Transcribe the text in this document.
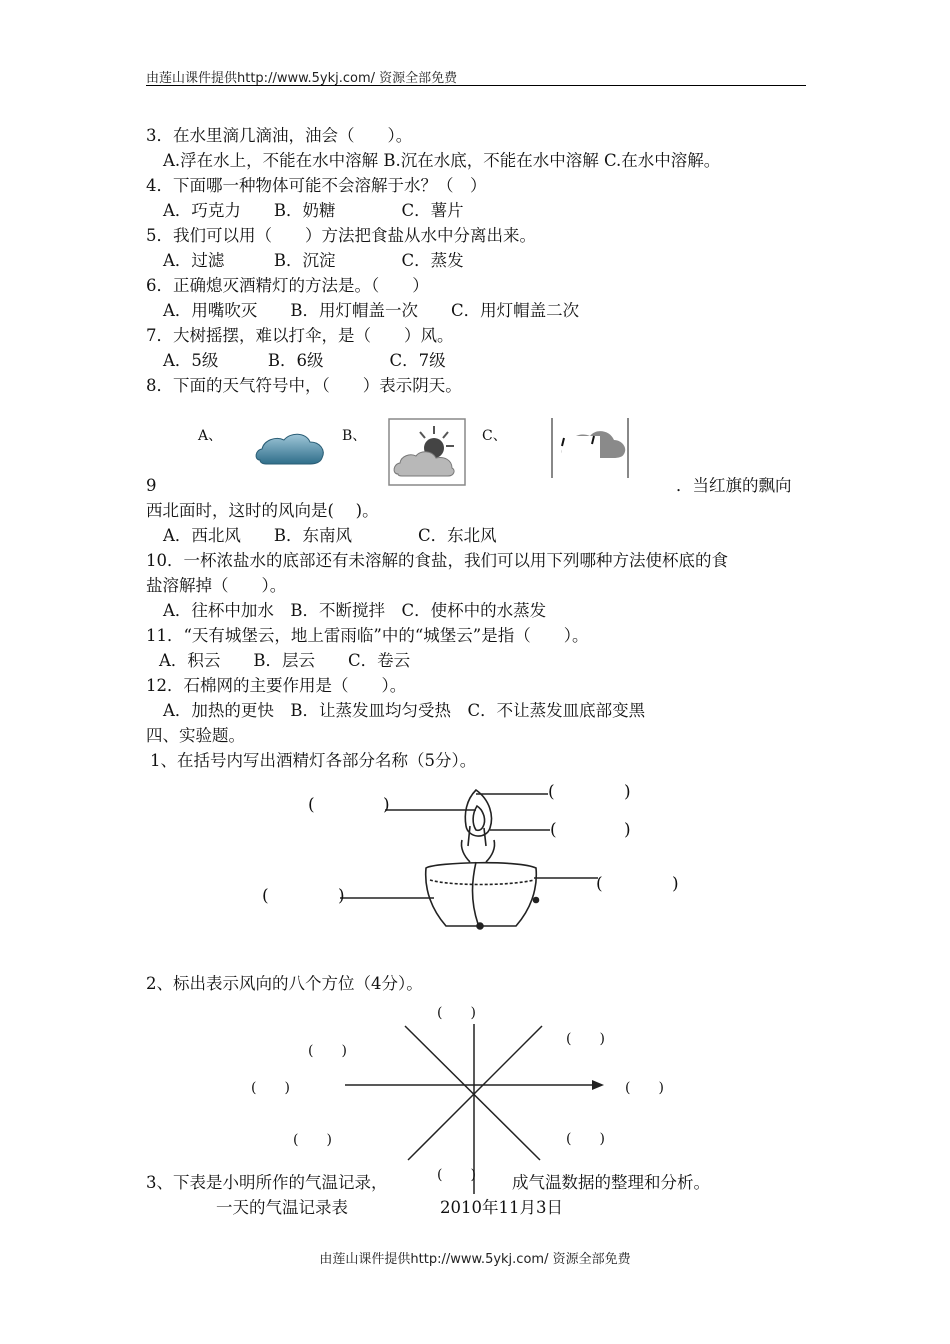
由莲山课件提供http://www.5ykj.com/ 资源全部免费
由莲山课件提供http://www.5ykj.com/ 资源全部免费
3．在水里滴几滴油，油会（　　）。
A.浮在水上，不能在水中溶解 B.沉在水底，不能在水中溶解 C.在水中溶解。
4．下面哪一种物体可能不会溶解于水？（　）
A．巧克力　　B．奶糖　　　　C．薯片
5．我们可以用（　　）方法把食盐从水中分离出来。
A．过滤　　　B．沉淀　　　　C．蒸发
6．正确熄灭酒精灯的方法是。（　　）
A．用嘴吹灭　　B．用灯帽盖一次　　C．用灯帽盖二次
7．大树摇摆，难以打伞，是（　　）风。
A．5级　　　B．6级　　　　C．7级
8．下面的天气符号中，（　　）表示阴天。
A、	B、	C、
9	．当红旗的飘向
西北面时，这时的风向是(　 )。
A．西北风　　B．东南风　　　　C．东北风
10．一杯浓盐水的底部还有未溶解的食盐，我们可以用下列哪种方法使杯底的食
盐溶解掉（　　）。
A．往杯中加水　B．不断搅拌　C．使杯中的水蒸发
11．“天有城堡云，地上雷雨临”中的“城堡云”是指（　　）。
A．积云　　B．层云　　C．卷云
12．石棉网的主要作用是（　　）。
A．加热的更快　B．让蒸发皿均匀受热　C．不让蒸发皿底部变黑
四、实验题。
1、在括号内写出酒精灯各部分名称（5分）。
(	)
(	)
(	)
(	)
(	)
2、标出表示风向的八个方位（4分）。
(　　)
(　　)
(　　)
(　　)	(　　)
(　　)	(　　)
(　　)
3、下表是小明所作的气温记录，	成气温数据的整理和分析。
一天的气温记录表	2010年11月3日
